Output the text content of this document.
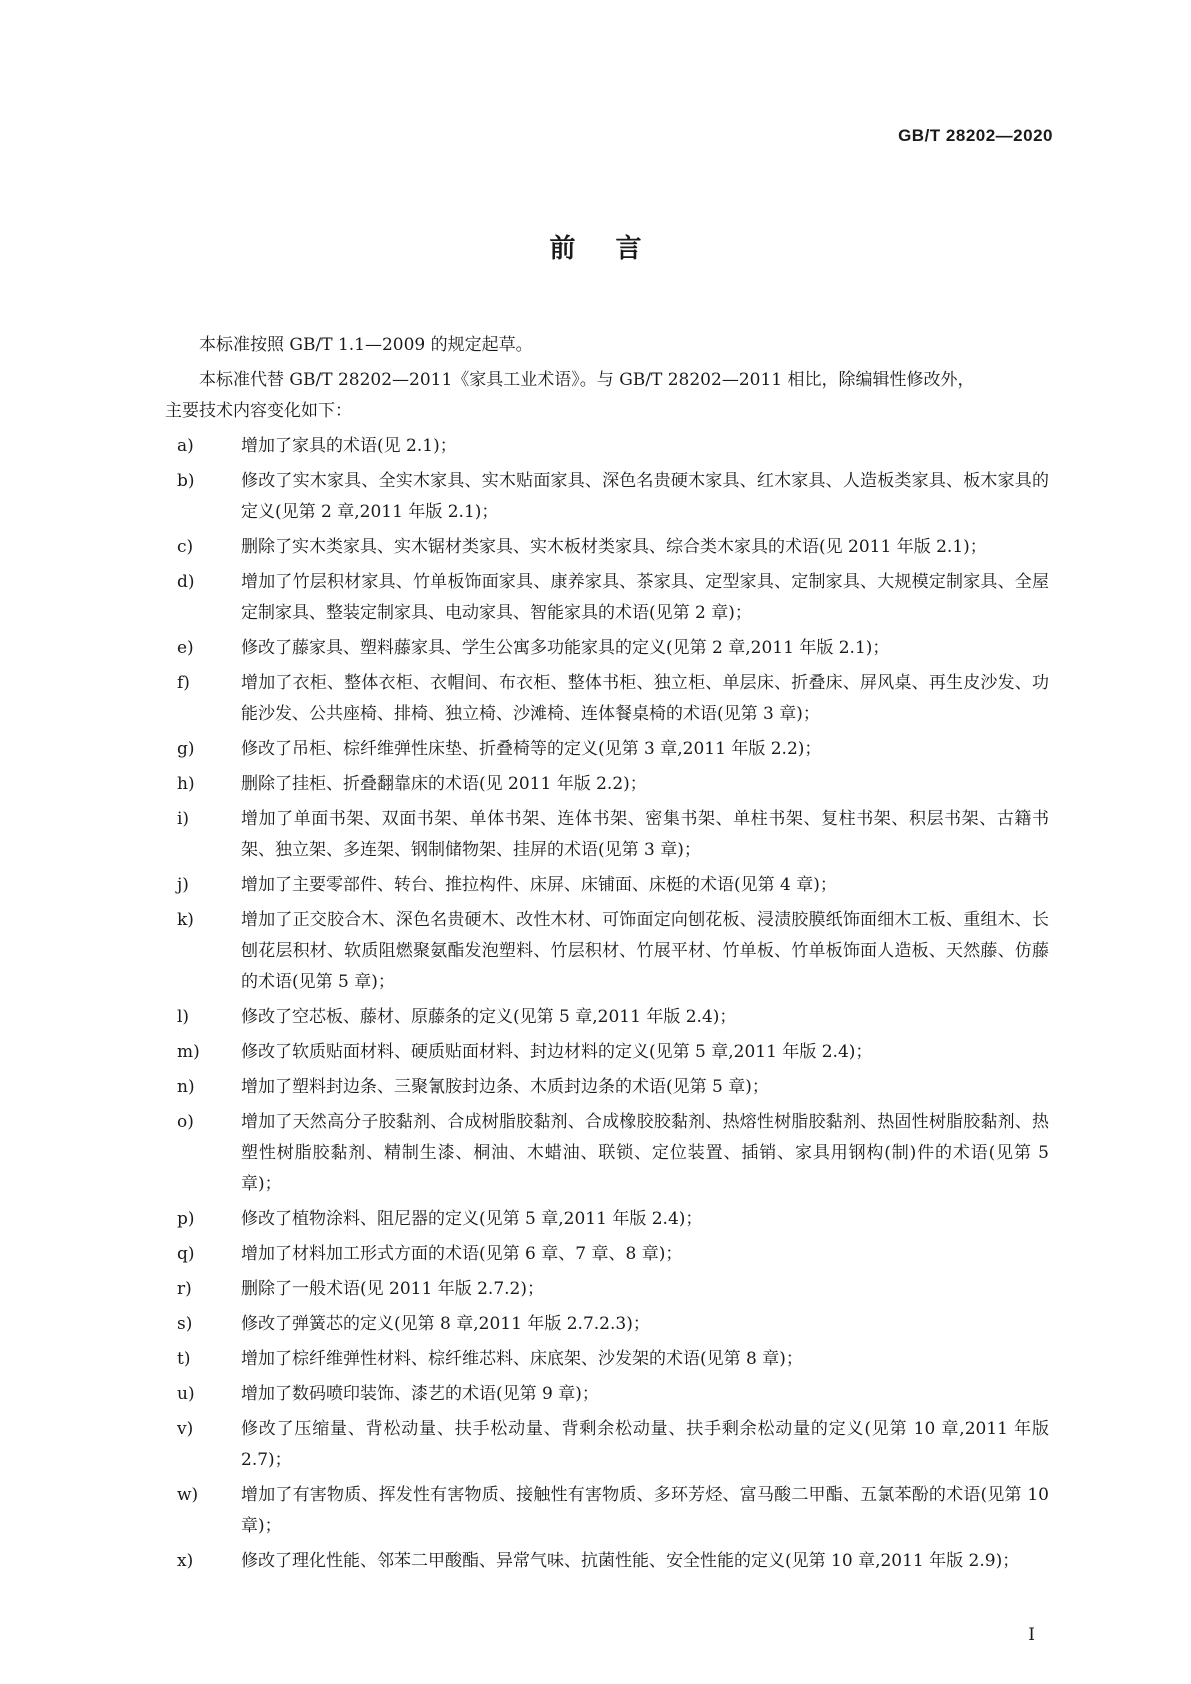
GB/T 28202—2020
前言

本标准按照 GB/T 1.1—2009 的规定起草。

本标准代替 GB/T 28202—2011《家具工业术语》。与 GB/T 28202—2011 相比，除编辑性修改外，

主要技术内容变化如下：

a)	增加了家具的术语(见 2.1)；
b)	修改了实木家具、全实木家具、实木贴面家具、深色名贵硬木家具、红木家具、人造板类家具、板木家具的定义(见第 2 章,2011 年版 2.1)；
c)	删除了实木类家具、实木锯材类家具、实木板材类家具、综合类木家具的术语(见 2011 年版 2.1)；
d)	增加了竹层积材家具、竹单板饰面家具、康养家具、茶家具、定型家具、定制家具、大规模定制家具、全屋定制家具、整装定制家具、电动家具、智能家具的术语(见第 2 章)；
e)	修改了藤家具、塑料藤家具、学生公寓多功能家具的定义(见第 2 章,2011 年版 2.1)；
f)	增加了衣柜、整体衣柜、衣帽间、布衣柜、整体书柜、独立柜、单层床、折叠床、屏风桌、再生皮沙发、功能沙发、公共座椅、排椅、独立椅、沙滩椅、连体餐桌椅的术语(见第 3 章)；
g)	修改了吊柜、棕纤维弹性床垫、折叠椅等的定义(见第 3 章,2011 年版 2.2)；
h)	删除了挂柜、折叠翻靠床的术语(见 2011 年版 2.2)；
i)	增加了单面书架、双面书架、单体书架、连体书架、密集书架、单柱书架、复柱书架、积层书架、古籍书架、独立架、多连架、钢制储物架、挂屏的术语(见第 3 章)；
j)	增加了主要零部件、转台、推拉构件、床屏、床铺面、床梃的术语(见第 4 章)；
k)	增加了正交胶合木、深色名贵硬木、改性木材、可饰面定向刨花板、浸渍胶膜纸饰面细木工板、重组木、长刨花层积材、软质阻燃聚氨酯发泡塑料、竹层积材、竹展平材、竹单板、竹单板饰面人造板、天然藤、仿藤的术语(见第 5 章)；
l)	修改了空芯板、藤材、原藤条的定义(见第 5 章,2011 年版 2.4)；
m)	修改了软质贴面材料、硬质贴面材料、封边材料的定义(见第 5 章,2011 年版 2.4)；
n)	增加了塑料封边条、三聚氰胺封边条、木质封边条的术语(见第 5 章)；
o)	增加了天然高分子胶黏剂、合成树脂胶黏剂、合成橡胶胶黏剂、热熔性树脂胶黏剂、热固性树脂胶黏剂、热塑性树脂胶黏剂、精制生漆、桐油、木蜡油、联锁、定位装置、插销、家具用钢构(制)件的术语(见第 5 章)；
p)	修改了植物涂料、阻尼器的定义(见第 5 章,2011 年版 2.4)；
q)	增加了材料加工形式方面的术语(见第 6 章、7 章、8 章)；
r)	删除了一般术语(见 2011 年版 2.7.2)；
s)	修改了弹簧芯的定义(见第 8 章,2011 年版 2.7.2.3)；
t)	增加了棕纤维弹性材料、棕纤维芯料、床底架、沙发架的术语(见第 8 章)；
u)	增加了数码喷印装饰、漆艺的术语(见第 9 章)；
v)	修改了压缩量、背松动量、扶手松动量、背剩余松动量、扶手剩余松动量的定义(见第 10 章,2011 年版 2.7)；
w)	增加了有害物质、挥发性有害物质、接触性有害物质、多环芳烃、富马酸二甲酯、五氯苯酚的术语(见第 10 章)；
x)	修改了理化性能、邻苯二甲酸酯、异常气味、抗菌性能、安全性能的定义(见第 10 章,2011 年版 2.9)；
I
